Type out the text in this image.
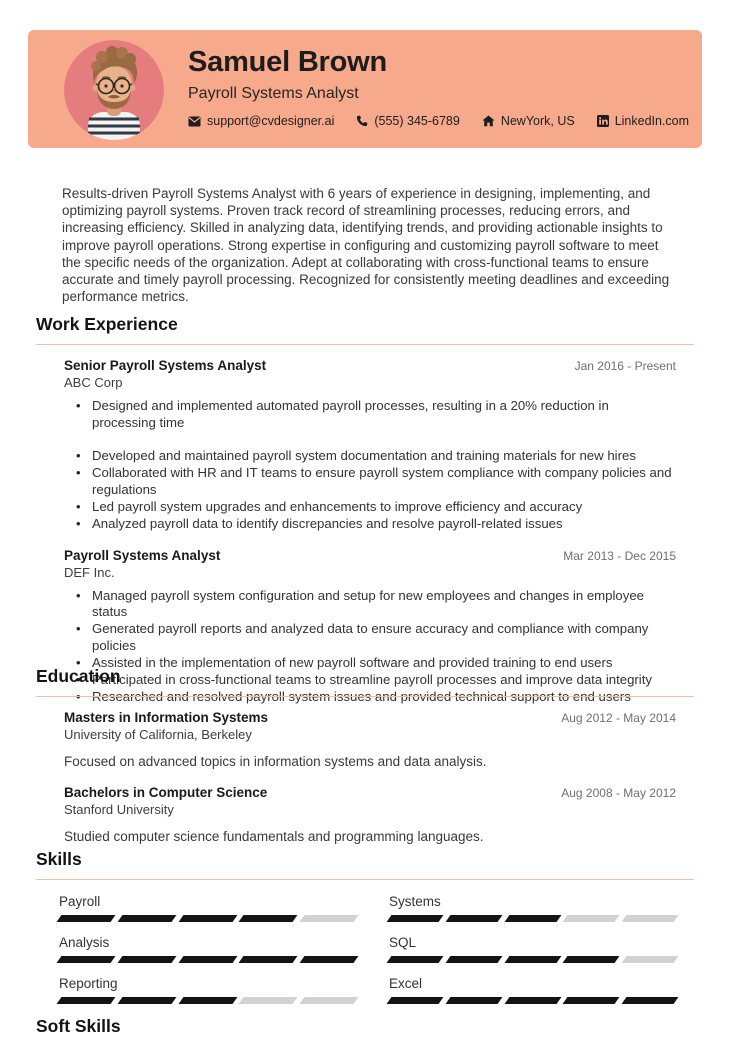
Samuel Brown
Payroll Systems Analyst
support@cvdesigner.ai	(555) 345-6789	NewYork, US	LinkedIn.com
Results-driven Payroll Systems Analyst with 6 years of experience in designing, implementing, and optimizing payroll systems. Proven track record of streamlining processes, reducing errors, and increasing efficiency. Skilled in analyzing data, identifying trends, and providing actionable insights to improve payroll operations. Strong expertise in configuring and customizing payroll software to meet the specific needs of the organization. Adept at collaborating with cross-functional teams to ensure accurate and timely payroll processing. Recognized for consistently meeting deadlines and exceeding performance metrics.
Work Experience
Senior Payroll Systems Analyst	Jan 2016 - Present
ABC Corp
• Designed and implemented automated payroll processes, resulting in a 20% reduction in processing time
• Developed and maintained payroll system documentation and training materials for new hires
• Collaborated with HR and IT teams to ensure payroll system compliance with company policies and regulations
• Led payroll system upgrades and enhancements to improve efficiency and accuracy
• Analyzed payroll data to identify discrepancies and resolve payroll-related issues
Payroll Systems Analyst	Mar 2013 - Dec 2015
DEF Inc.
• Managed payroll system configuration and setup for new employees and changes in employee status
• Generated payroll reports and analyzed data to ensure accuracy and compliance with company policies
• Assisted in the implementation of new payroll software and provided training to end users
• Participated in cross-functional teams to streamline payroll processes and improve data integrity
• Researched and resolved payroll system issues and provided technical support to end users
Education
Masters in Information Systems	Aug 2012 - May 2014
University of California, Berkeley
Focused on advanced topics in information systems and data analysis.
Bachelors in Computer Science	Aug 2008 - May 2012
Stanford University
Studied computer science fundamentals and programming languages.
Skills
Payroll	Systems
Analysis	SQL
Reporting	Excel
Soft Skills
